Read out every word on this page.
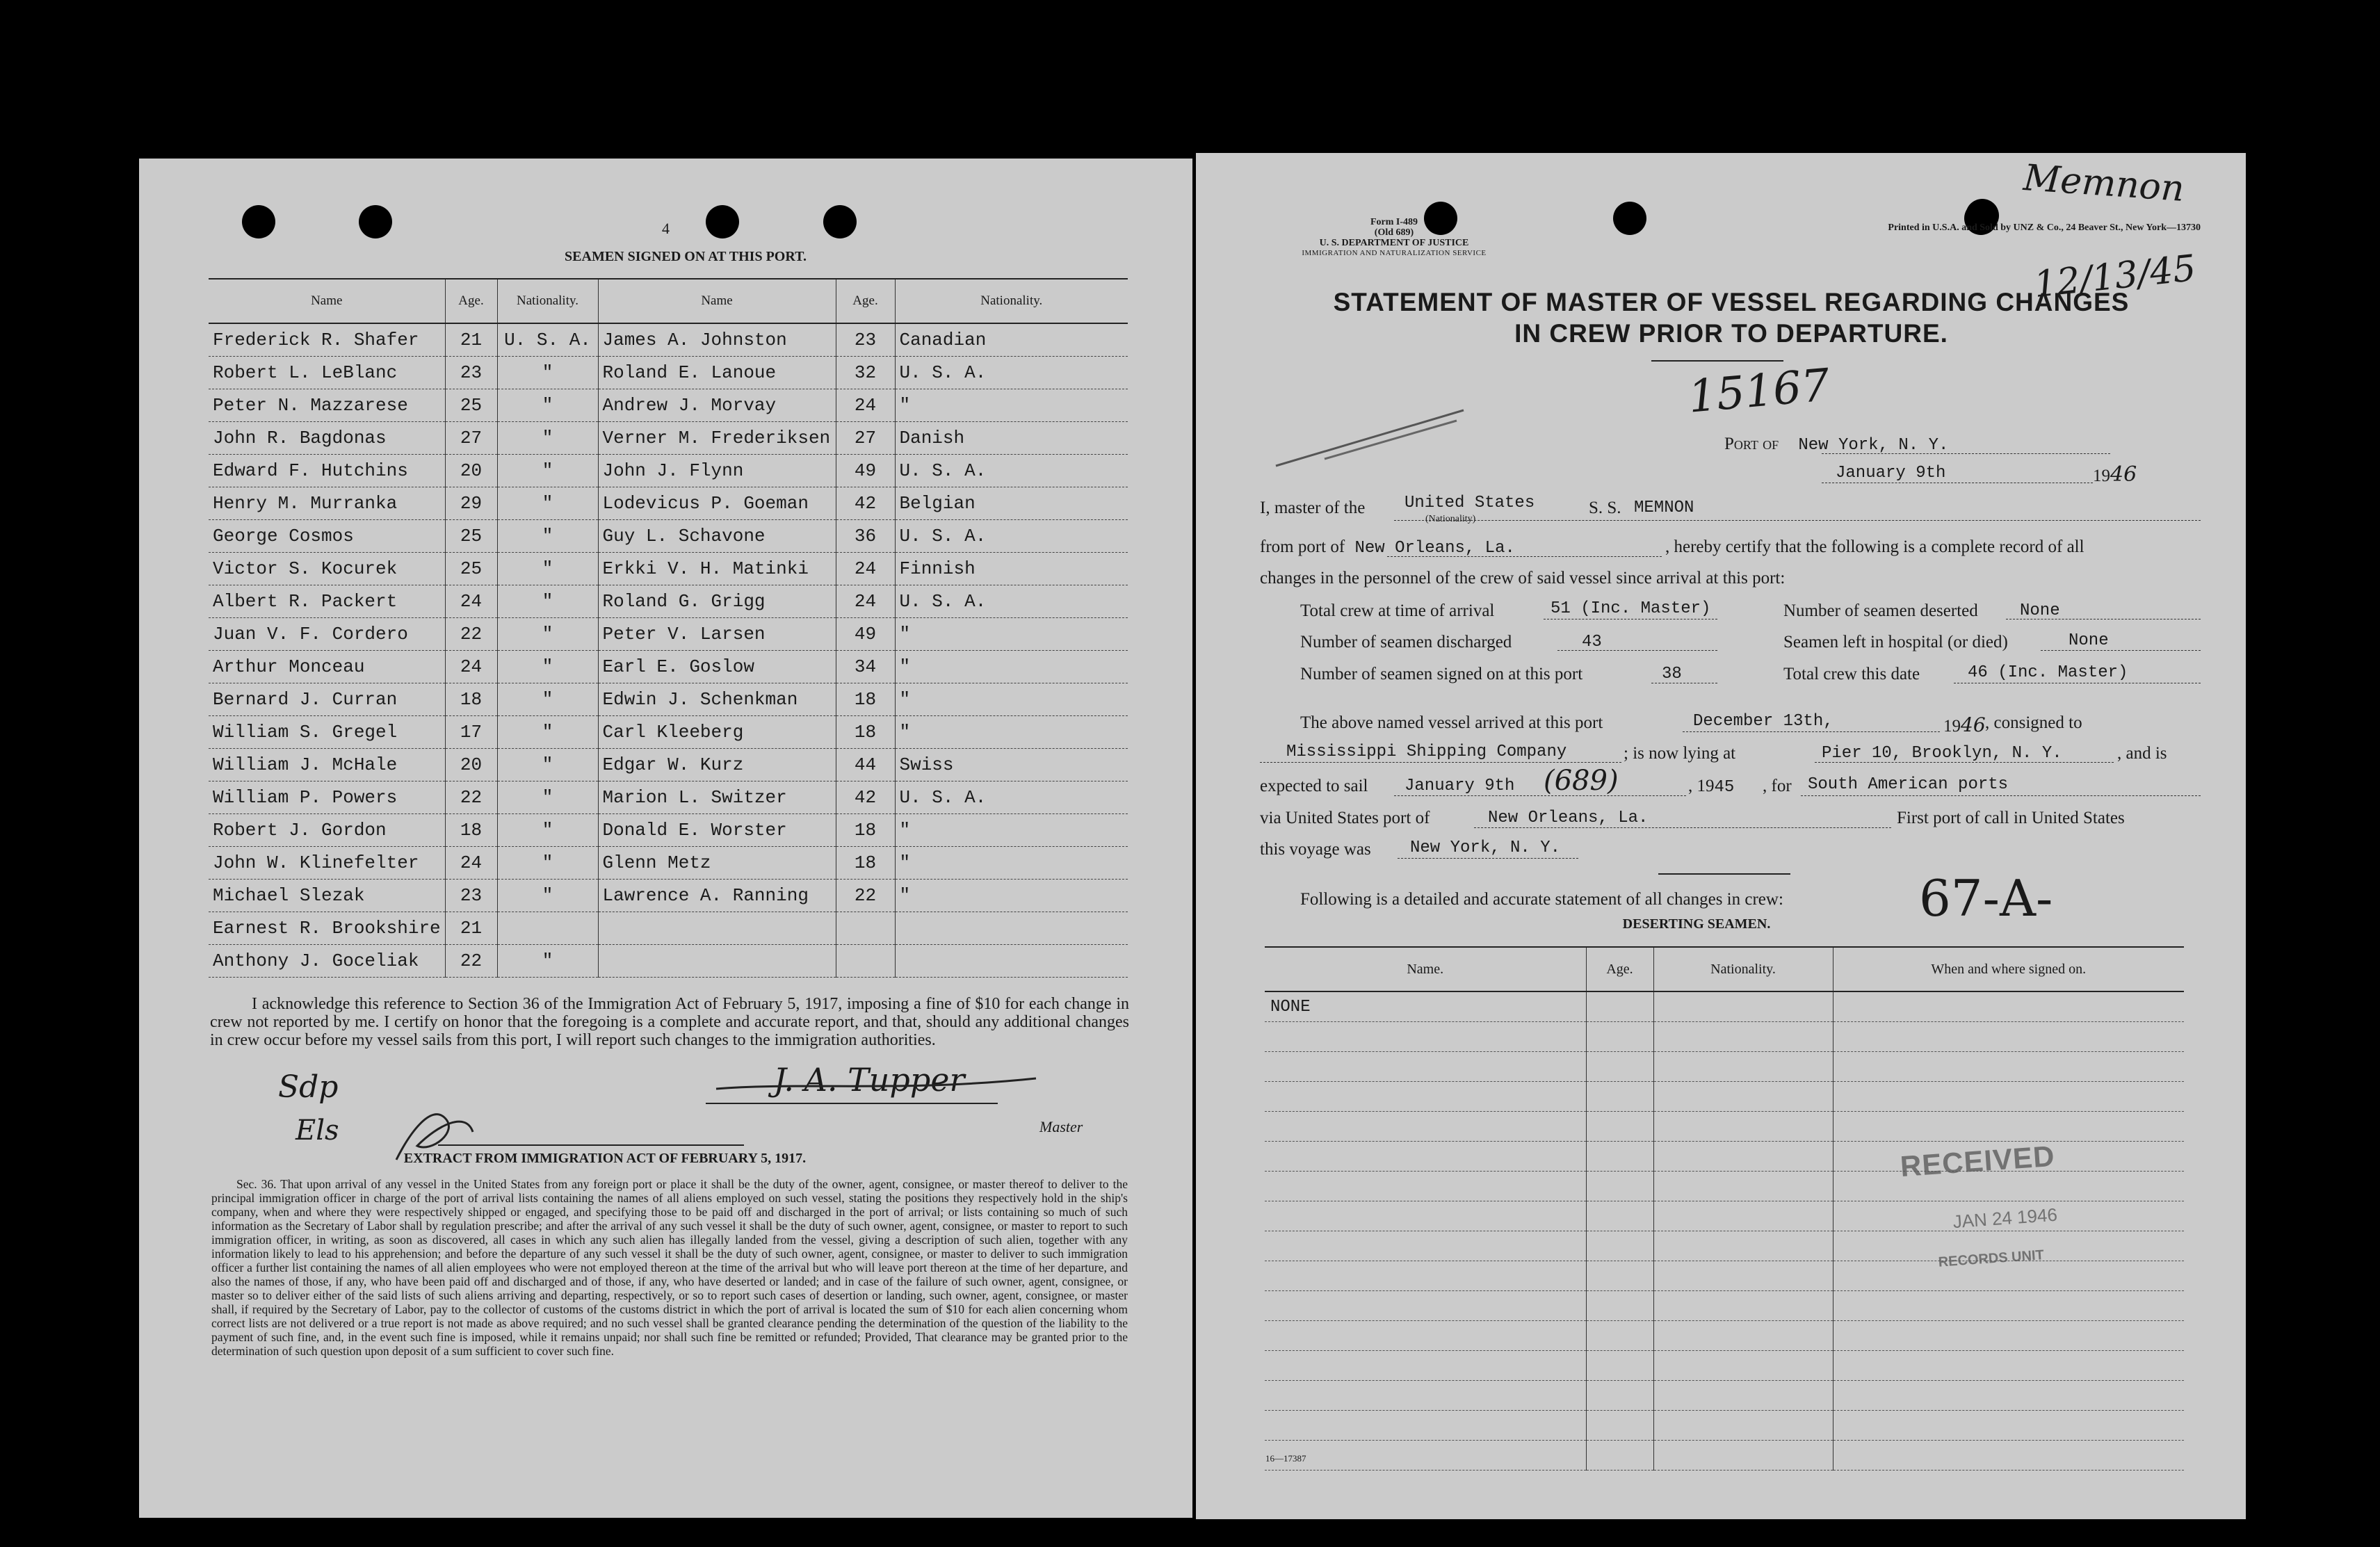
4
SEAMEN SIGNED ON AT THIS PORT.
Name	Age.	Nationality.	Name	Age.	Nationality.
Frederick R. Shafer	21	U. S. A.	James A. Johnston	23	Canadian
Robert L. LeBlanc	23	"	Roland E. Lanoue	32	U. S. A.
Peter N. Mazzarese	25	"	Andrew J. Morvay	24	"
John R. Bagdonas	27	"	Verner M. Frederiksen	27	Danish
Edward F. Hutchins	20	"	John J. Flynn	49	U. S. A.
Henry M. Murranka	29	"	Lodevicus P. Goeman	42	Belgian
George Cosmos	25	"	Guy L. Schavone	36	U. S. A.
Victor S. Kocurek	25	"	Erkki V. H. Matinki	24	Finnish
Albert R. Packert	24	"	Roland G. Grigg	24	U. S. A.
Juan V. F. Cordero	22	"	Peter V. Larsen	49	"
Arthur Monceau	24	"	Earl E. Goslow	34	"
Bernard J. Curran	18	"	Edwin J. Schenkman	18	"
William S. Gregel	17	"	Carl Kleeberg	18	"
William J. McHale	20	"	Edgar W. Kurz	44	Swiss
William P. Powers	22	"	Marion L. Switzer	42	U. S. A.
Robert J. Gordon	18	"	Donald E. Worster	18	"
John W. Klinefelter	24	"	Glenn Metz	18	"
Michael Slezak	23	"	Lawrence A. Ranning	22	"
Earnest R. Brookshire	21				
Anthony J. Goceliak	22	"			
I acknowledge this reference to Section 36 of the Immigration Act of February 5, 1917, imposing a fine of $10 for each change in crew not reported by me. I certify on honor that the foregoing is a complete and accurate report, and that, should any additional changes in crew occur before my vessel sails from this port, I will report such changes to the immigration authorities.
Sdp
Els
J. A. Tupper
Master
EXTRACT FROM IMMIGRATION ACT OF FEBRUARY 5, 1917.
Sec. 36. That upon arrival of any vessel in the United States from any foreign port or place it shall be the duty of the owner, agent, consignee, or master thereof to deliver to the principal immigration officer in charge of the port of arrival lists containing the names of all aliens employed on such vessel, stating the positions they respectively hold in the ship's company, when and where they were respectively shipped or engaged, and specifying those to be paid off and discharged in the port of arrival; or lists containing so much of such information as the Secretary of Labor shall by regulation prescribe; and after the arrival of any such vessel it shall be the duty of such owner, agent, consignee, or master to report to such immigration officer, in writing, as soon as discovered, all cases in which any such alien has illegally landed from the vessel, giving a description of such alien, together with any information likely to lead to his apprehension; and before the departure of any such vessel it shall be the duty of such owner, agent, consignee, or master to deliver to such immigration officer a further list containing the names of all alien employees who were not employed thereon at the time of the arrival but who will leave port thereon at the time of her departure, and also the names of those, if any, who have been paid off and discharged and of those, if any, who have deserted or landed; and in case of the failure of such owner, agent, consignee, or master so to deliver either of the said lists of such aliens arriving and departing, respectively, or so to report such cases of desertion or landing, such owner, agent, consignee, or master shall, if required by the Secretary of Labor, pay to the collector of customs of the customs district in which the port of arrival is located the sum of $10 for each alien concerning whom correct lists are not delivered or a true report is not made as above required; and no such vessel shall be granted clearance pending the determination of the question of the liability to the payment of such fine, and, in the event such fine is imposed, while it remains unpaid; nor shall such fine be remitted or refunded; Provided, That clearance may be granted prior to the determination of such question upon deposit of a sum sufficient to cover such fine.
Form I-489
(Old 689)
U. S. DEPARTMENT OF JUSTICE
IMMIGRATION AND NATURALIZATION SERVICE
Printed in U.S.A. and Sold by UNZ & Co., 24 Beaver St., New York—13730
Memnon
12/13/45
STATEMENT OF MASTER OF VESSEL REGARDING CHANGES
IN CREW PRIOR TO DEPARTURE.
15167
Port of New York, N. Y.
January 9th	1946
I, master of the United States
(Nationality)
S. S. MEMNON
from port of New Orleans, La.	, hereby certify that the following is a complete record of all
changes in the personnel of the crew of said vessel since arrival at this port:
Total crew at time of arrival	51 (Inc. Master)	Number of seamen deserted	None
Number of seamen discharged	43	Seamen left in hospital (or died)	None
Number of seamen signed on at this port	38	Total crew this date	46 (Inc. Master)
The above named vessel arrived at this port	December 13th,	1946 , consigned to
Mississippi Shipping Company	; is now lying at	Pier 10, Brooklyn, N. Y.	, and is
expected to sail January 9th (689)	, 1945 , for South American ports
via United States port of	New Orleans, La.	First port of call in United States
this voyage was New York, N. Y.
Following is a detailed and accurate statement of all changes in crew:	67-A-
DESERTING SEAMEN.
Name.	Age.	Nationality.	When and where signed on.
NONE			

RECEIVED
JAN 24 1946
RECORDS UNIT
16—17387
